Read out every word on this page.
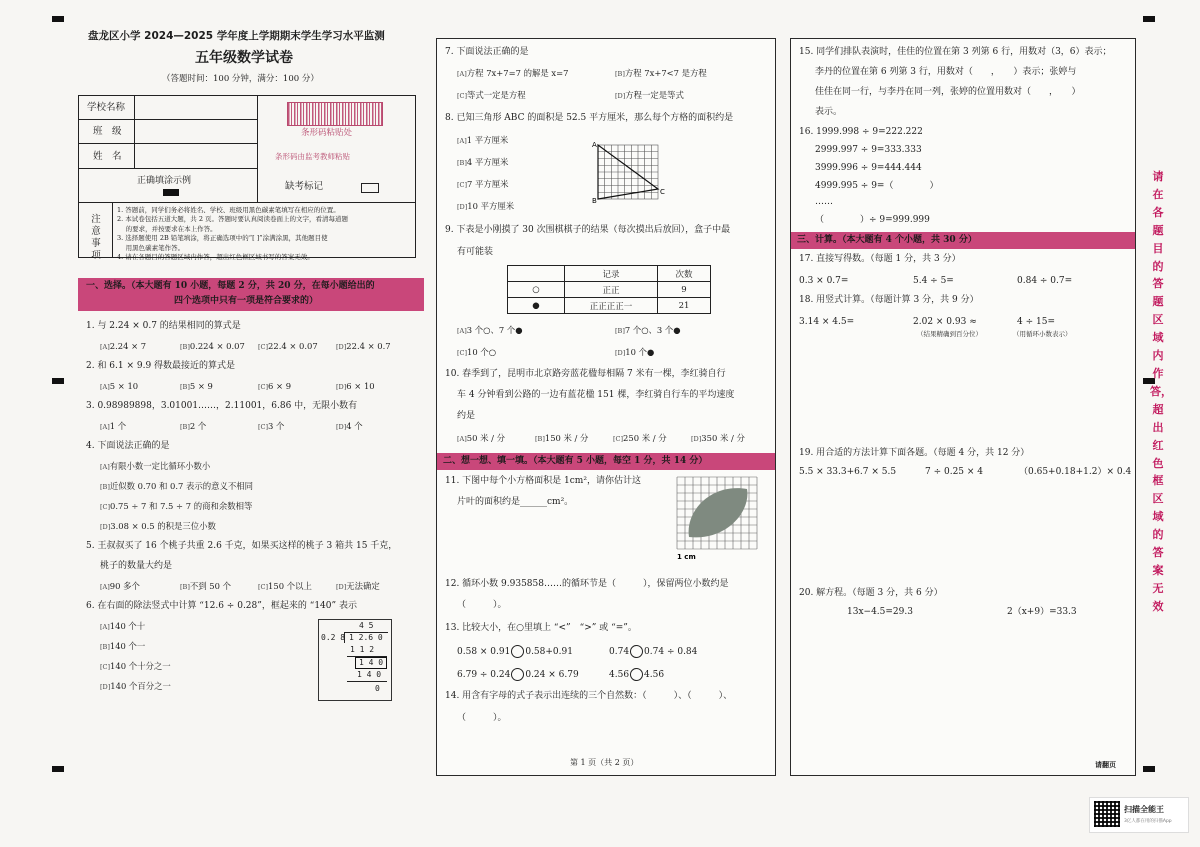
盘龙区小学 2024—2025 学年度上学期期末学生学习水平监测
五年级数学试卷
（答题时间：100 分钟，满分：100 分）
学校名称
班　级
姓　名
正确填涂示例
条形码粘贴处
条形码由监考教师粘贴
缺考标记
注意事项
1. 答题前，同学们务必将姓名、学校、班级用黑色碳素笔填写在相应的位置。
2. 本试卷包括五道大题，共 2 页。答题时要认真阅读卷面上的文字，看清每道题
　 的要求，并按要求在本上作答。
3. 选择题使用 2B 铅笔填涂，将正确选项中的“[ ]”涂满涂黑，其他题目使
　 用黑色碳素笔作答。
4. 请在各题目的答题区域内作答，超出红色框区域书写的答案无效。
一、选择。（本大题有 10 小题，每题 2 分，共 20 分，在每小题给出的
四个选项中只有一项是符合要求的）
1. 与 2.24 × 0.7 的结果相同的算式是
[A]2.24 × 7	[B]0.224 × 0.07 [C]22.4 × 0.07	[D]22.4 × 0.7
2. 和 6.1 × 9.9 得数最接近的算式是
[A]5 × 10	[B]5 × 9	[C]6 × 9	[D]6 × 10
3. 0.98989898，3.01001……，2.11001，6.86̇ 中，无限小数有
[A]1 个	[B]2 个	[C]3 个	[D]4 个
4. 下面说法正确的是
[A]有限小数一定比循环小数小
[B]近似数 0.70 和 0.7 表示的意义不相同
[C]0.75 ÷ 7 和 7.5 ÷ 7 的商和余数相等
[D]3.08 × 0.5 的积是三位小数
5. 王叔叔买了 16 个桃子共重 2.6 千克，如果买这样的桃子 3 箱共 15 千克，
桃子的数量大约是
[A]90 多个	[B]不到 50 个	[C]150 个以上	[D]无法确定
6. 在右面的除法竖式中计算 “12.6 ÷ 0.28”，框起来的 “140” 表示
[A]140 个十
[B]140 个一
[C]140 个十分之一
[D]140 个百分之一
4 5
0.2 8 1 2.6 0
1 1 2
1 4 0
1 4 0
0
7. 下面说法正确的是
[A]方程 7x+7=7 的解是 x=7	[B]方程 7x+7<7 是方程
[C]等式一定是方程	[D]方程一定是等式
8. 已知三角形 ABC 的面积是 52.5 平方厘米，那么每个方格的面积约是
[A]1 平方厘米
[B]4 平方厘米
[C]7 平方厘米
[D]10 平方厘米
A
B
C
9. 下表是小刚摸了 30 次围棋棋子的结果（每次摸出后放回），盒子中最
有可能装
	记录	次数
○	正正	9
●	正正正正一	21
[A]3 个○、7 个●	[B]7 个○、3 个●
[C]10 个○	[D]10 个●
10. 春季到了，昆明市北京路旁蓝花楹每相隔 7 米有一棵，李红骑自行
车 4 分钟看到公路的一边有蓝花楹 151 棵，李红骑自行车的平均速度
约是
[A]50 米 / 分	[B]150 米 / 分	[C]250 米 / 分	[D]350 米 / 分
二、想一想、填一填。（本大题有 5 小题，每空 1 分，共 14 分）
11. 下图中每个小方格面积是 1cm²，请你估计这
片叶的面积约是______cm²。
1 cm
12. 循环小数 9.935858……的循环节是（　　　），保留两位小数约是
（　　　）。
13. 比较大小，在○里填上 “<”　“>” 或 “=”。
0.58 × 0.91 0.58+0.91	0.74 0.74 ÷ 0.84
6.79 ÷ 0.24 0.24 × 6.79	4.56 4.5̇6̇
14. 用含有字母的式子表示出连续的三个自然数：（　　　）、（　　　）、
（　　　）。
第 1 页（共 2 页）
15. 同学们排队表演时，佳佳的位置在第 3 列第 6 行，用数对（3，6）表示；
李丹的位置在第 6 列第 3 行，用数对（　　，　　）表示；张婷与
佳佳在同一行，与李丹在同一列，张婷的位置用数对（　　，　　）
表示。
16. 1999.998 ÷ 9=222.222
2999.997 ÷ 9=333.333
3999.996 ÷ 9=444.444
4999.995 ÷ 9=（　　　　）
……
（　　　　）÷ 9=999.999
三、计算。（本大题有 4 个小题，共 30 分）
17. 直接写得数。（每题 1 分，共 3 分）
0.3 × 0.7=	5.4 ÷ 5=	0.84 ÷ 0.7=
18. 用竖式计算。（每题计算 3 分，共 9 分）
3.14 × 4.5=	2.02 × 0.93 ≈	4 ÷ 15=
（结果精确到百分位）	（用循环小数表示）
19. 用合适的方法计算下面各题。（每题 4 分，共 12 分）
5.5 × 33.3+6.7 × 5.5	7 ÷ 0.25 × 4	（0.65+0.18+1.2）× 0.4
20. 解方程。（每题 3 分，共 6 分）
13x−4.5=29.3	2（x+9）=33.3
请翻页
请在各题目的答题区域内作答，超出红色框区域的答案无效
扫描全能王
3亿人都在用的扫描App
